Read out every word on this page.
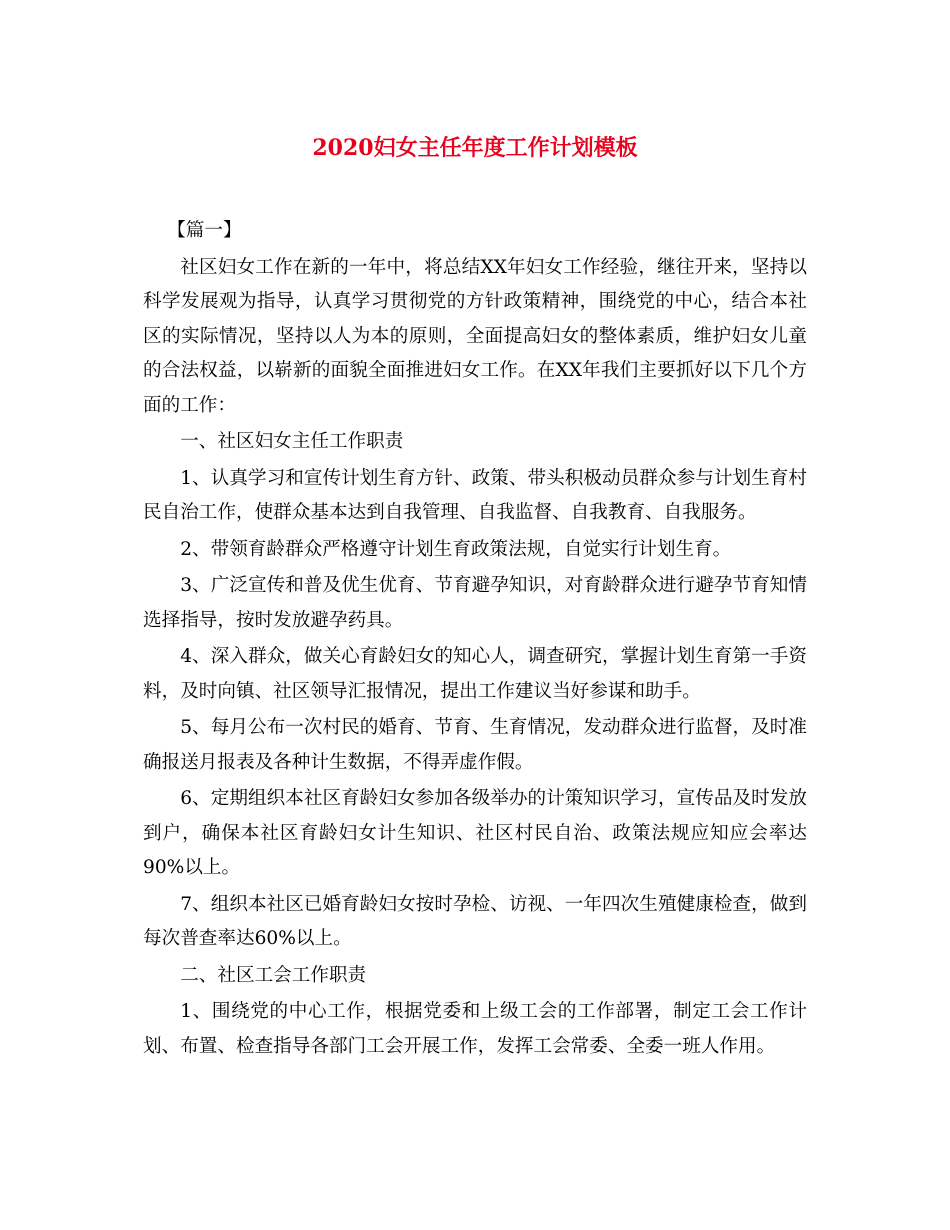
2020妇女主任年度工作计划模板

【篇一】

社区妇女工作在新的一年中，将总结XX年妇女工作经验，继往开来，坚持以科学发展观为指导，认真学习贯彻党的方针政策精神，围绕党的中心，结合本社区的实际情况，坚持以人为本的原则，全面提高妇女的整体素质，维护妇女儿童的合法权益，以崭新的面貌全面推进妇女工作。在XX年我们主要抓好以下几个方面的工作：

一、社区妇女主任工作职责

1、认真学习和宣传计划生育方针、政策、带头积极动员群众参与计划生育村民自治工作，使群众基本达到自我管理、自我监督、自我教育、自我服务。

2、带领育龄群众严格遵守计划生育政策法规，自觉实行计划生育。

3、广泛宣传和普及优生优育、节育避孕知识，对育龄群众进行避孕节育知情选择指导，按时发放避孕药具。

4、深入群众，做关心育龄妇女的知心人，调查研究，掌握计划生育第一手资料，及时向镇、社区领导汇报情况，提出工作建议当好参谋和助手。

5、每月公布一次村民的婚育、节育、生育情况，发动群众进行监督，及时准确报送月报表及各种计生数据，不得弄虚作假。

6、定期组织本社区育龄妇女参加各级举办的计策知识学习，宣传品及时发放到户，确保本社区育龄妇女计生知识、社区村民自治、政策法规应知应会率达90%以上。

7、组织本社区已婚育龄妇女按时孕检、访视、一年四次生殖健康检查，做到每次普查率达60%以上。

二、社区工会工作职责

1、围绕党的中心工作，根据党委和上级工会的工作部署，制定工会工作计划、布置、检查指导各部门工会开展工作，发挥工会常委、全委一班人作用。
